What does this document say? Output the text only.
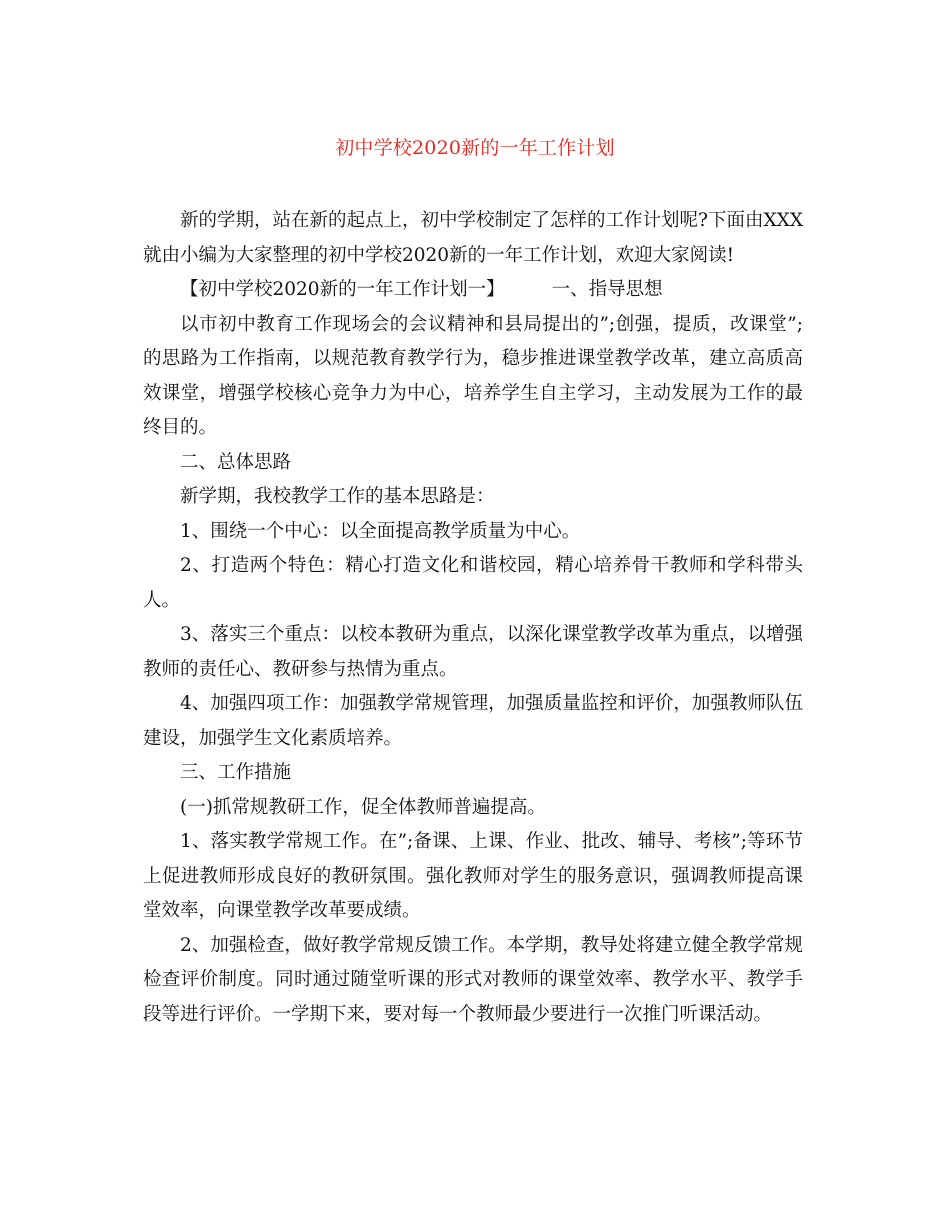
初中学校2020新的一年工作计划

新的学期，站在新的起点上，初中学校制定了怎样的工作计划呢?下面由XXX就由小编为大家整理的初中学校2020新的一年工作计划，欢迎大家阅读!

【初中学校2020新的一年工作计划一】        一、指导思想

以市初中教育工作现场会的会议精神和县局提出的”;创强，提质，改课堂”;的思路为工作指南，以规范教育教学行为，稳步推进课堂教学改革，建立高质高效课堂，增强学校核心竞争力为中心，培养学生自主学习，主动发展为工作的最终目的。

二、总体思路

新学期，我校教学工作的基本思路是：

1、围绕一个中心：以全面提高教学质量为中心。

2、打造两个特色：精心打造文化和谐校园，精心培养骨干教师和学科带头人。

3、落实三个重点：以校本教研为重点，以深化课堂教学改革为重点，以增强教师的责任心、教研参与热情为重点。

4、加强四项工作：加强教学常规管理，加强质量监控和评价，加强教师队伍建设，加强学生文化素质培养。

三、工作措施

(一)抓常规教研工作，促全体教师普遍提高。

1、落实教学常规工作。在”;备课、上课、作业、批改、辅导、考核”;等环节上促进教师形成良好的教研氛围。强化教师对学生的服务意识，强调教师提高课堂效率，向课堂教学改革要成绩。

2、加强检查，做好教学常规反馈工作。本学期，教导处将建立健全教学常规检查评价制度。同时通过随堂听课的形式对教师的课堂效率、教学水平、教学手段等进行评价。一学期下来，要对每一个教师最少要进行一次推门听课活动。
